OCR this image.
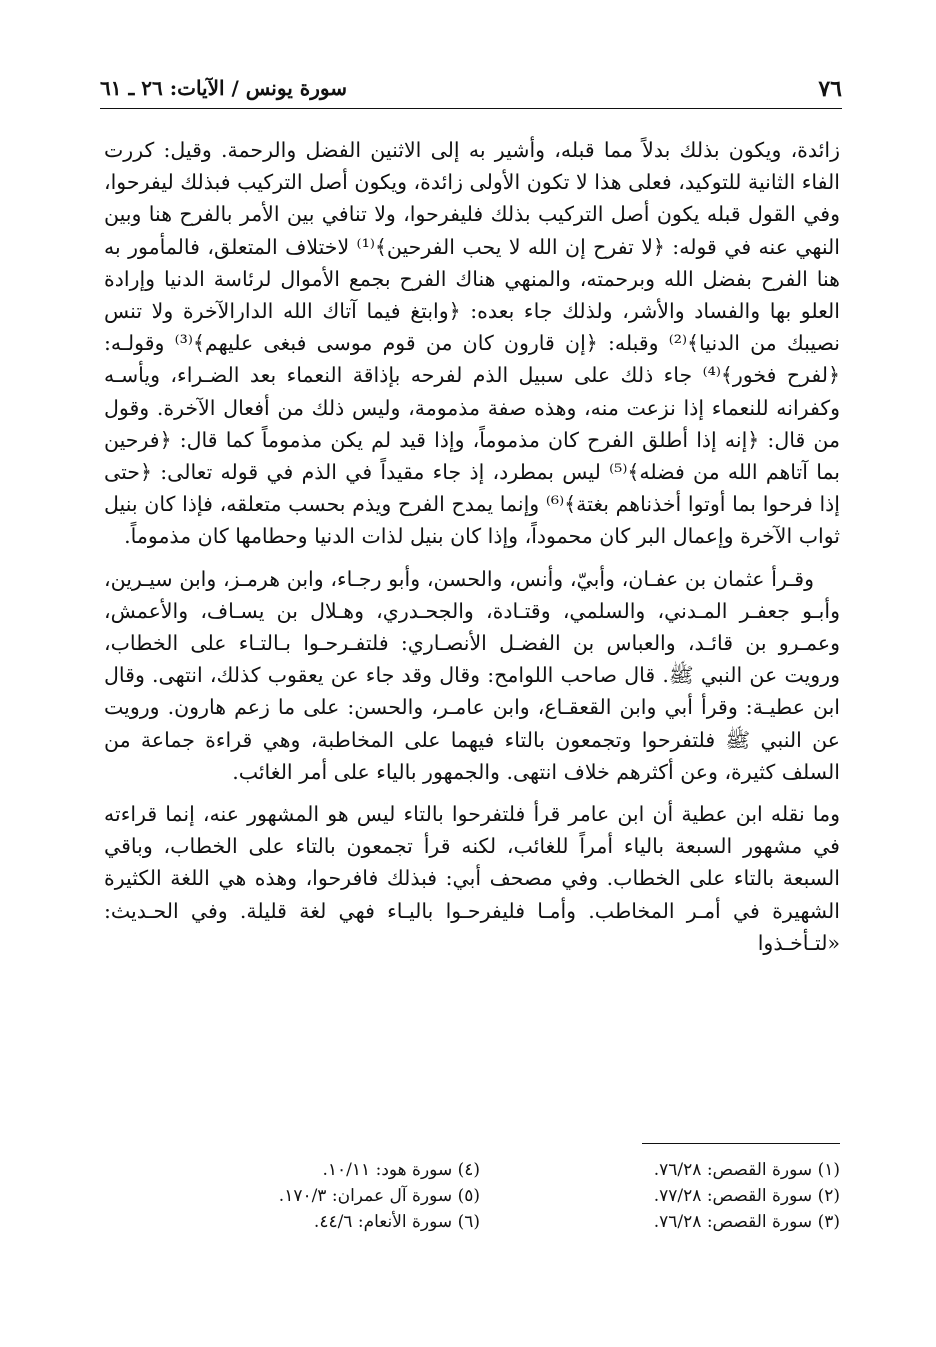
٧٦
سورة يونس / الآيات: ٢٦ ـ ٦١

زائدة، ويكون بذلك بدلاً مما قبله، وأشير به إلى الاثنين الفضل والرحمة. وقيل: كررت الفاء الثانية للتوكيد، فعلى هذا لا تكون الأولى زائدة، ويكون أصل التركيب فبذلك ليفرحوا، وفي القول قبله يكون أصل التركيب بذلك فليفرحوا، ولا تنافي بين الأمر بالفرح هنا وبين النهي عنه في قوله: ﴿لا تفرح إن الله لا يحب الفرحين﴾⁽¹⁾ لاختلاف المتعلق، فالمأمور به هنا الفرح بفضل الله وبرحمته، والمنهي هناك الفرح بجمع الأموال لرئاسة الدنيا وإرادة العلو بها والفساد والأشر، ولذلك جاء بعده: ﴿وابتغ فيما آتاك الله الدارالآخرة ولا تنس نصيبك من الدنيا﴾⁽²⁾ وقبله: ﴿إن قارون كان من قوم موسى فبغى عليهم﴾⁽³⁾ وقولـه: ﴿لفرح فخور﴾⁽⁴⁾ جاء ذلك على سبيل الذم لفرحه بإذاقة النعماء بعد الضـراء، ويأسـه وكفرانه للنعماء إذا نزعت منه، وهذه صفة مذمومة، وليس ذلك من أفعال الآخرة. وقول من قال: ﴿إنه إذا أطلق الفرح كان مذموماً، وإذا قيد لم يكن مذموماً كما قال: ﴿فرحين بما آتاهم الله من فضله﴾⁽⁵⁾ ليس بمطرد، إذ جاء مقيداً في الذم في قوله تعالى: ﴿حتى إذا فرحوا بما أوتوا أخذناهم بغتة﴾⁽⁶⁾ وإنما يمدح الفرح ويذم بحسب متعلقه، فإذا كان بنيل ثواب الآخرة وإعمال البر كان محموداً، وإذا كان بنيل لذات الدنيا وحطامها كان مذموماً.

وقـرأ عثمان بن عفـان، وأبيّ، وأنس، والحسن، وأبو رجـاء، وابن هرمـز، وابن سيـرين، وأبـو جعفـر المـدني، والسلمي، وقتـادة، والجحـدري، وهـلال بن يسـاف، والأعمش، وعمـرو بن قائـد، والعباس بن الفضـل الأنصـاري: فلتفـرحـوا بـالتـاء على الخطاب، ورويت عن النبي ﷺ. قال صاحب اللوامح: وقال وقد جاء عن يعقوب كذلك، انتهى. وقال ابن عطيـة: وقرأ أبي وابن القعقـاع، وابن عامـر، والحسن: على ما زعم هارون. ورويت عن النبي ﷺ فلتفرحوا وتجمعون بالتاء فيهما على المخاطبة، وهي قراءة جماعة من السلف كثيرة، وعن أكثرهم خلاف انتهى. والجمهور بالياء على أمر الغائب.

وما نقله ابن عطية أن ابن عامر قرأ فلتفرحوا بالتاء ليس هو المشهور عنه، إنما قراءته في مشهور السبعة بالياء أمراً للغائب، لكنه قرأ تجمعون بالتاء على الخطاب، وباقي السبعة بالتاء على الخطاب. وفي مصحف أبي: فبذلك فافرحوا، وهذه هي اللغة الكثيرة الشهيرة في أمـر المخاطب. وأمـا فليفرحـوا باليـاء فهي لغة قليلة. وفي الحـديث: «لتـأخـذوا

(١) سورة القصص: ٧٦/٢٨.
(٢) سورة القصص: ٧٧/٢٨.
(٣) سورة القصص: ٧٦/٢٨.
(٤) سورة هود: ١٠/١١.
(٥) سورة آل عمران: ١٧٠/٣.
(٦) سورة الأنعام: ٤٤/٦.
